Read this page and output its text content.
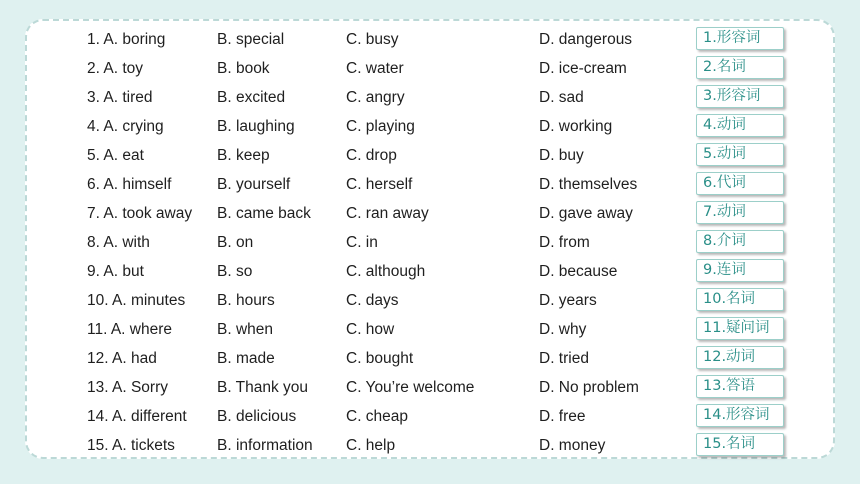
1. A. boring	B. special	C. busy	D. dangerous	1.形容词
2. A. toy	B. book	C. water	D. ice-cream	2.名词
3. A. tired	B. excited	C. angry	D. sad	3.形容词
4. A. crying	B. laughing	C. playing	D. working	4.动词
5. A. eat	B. keep	C. drop	D. buy	5.动词
6. A. himself	B. yourself	C. herself	D. themselves	6.代词
7. A. took away B. came back C. ran away	D. gave away	7.动词
8. A. with	B. on	C. in	D. from	8.介词
9. A. but	B. so	C. although	D. because	9.连词
10. A. minutes B. hours	C. days	D. years	10.名词
11. A. where	B. when	C. how	D. why	11.疑问词
12. A. had	B. made	C. bought	D. tried	12.动词
13. A. Sorry	B. Thank you C. You’re welcome	D. No problem	13.答语
14. A. different B. delicious	C. cheap	D. free	14.形容词
15. A. tickets	B. information C. help	D. money	15.名词
